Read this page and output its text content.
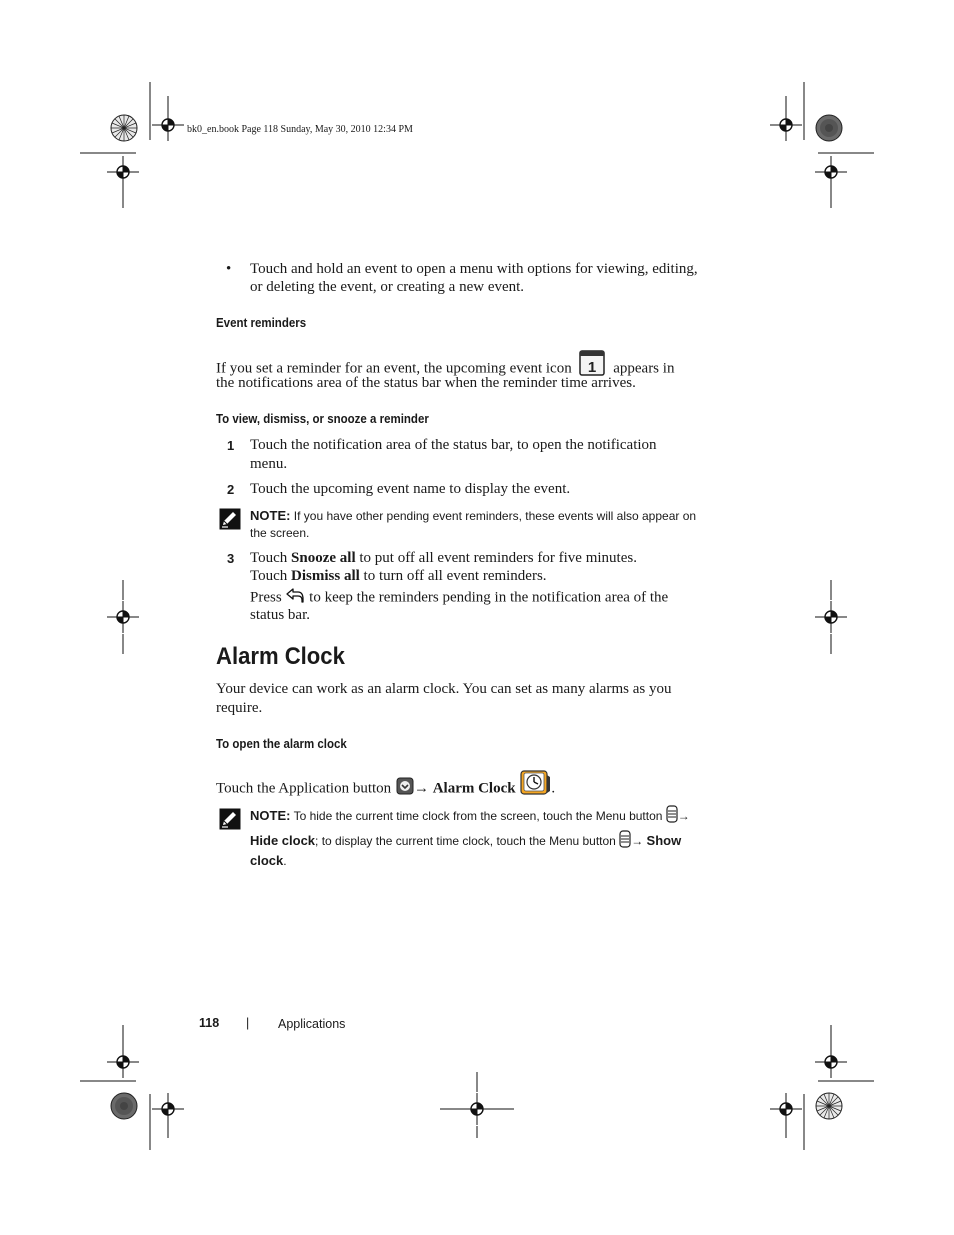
bk0_en.book Page 118 Sunday, May 30, 2010 12:34 PM
• Touch and hold an event to open a menu with options for viewing, editing,
or deleting the event, or creating a new event.
Event reminders
If you set a reminder for an event, the upcoming event icon 1 appears in
the notifications area of the status bar when the reminder time arrives.
To view, dismiss, or snooze a reminder
1 Touch the notification area of the status bar, to open the notification
menu.
2 Touch the upcoming event name to display the event.
NOTE: If you have other pending event reminders, these events will also appear on
the screen.
3 Touch Snooze all to put off all event reminders for five minutes.
Touch Dismiss all to turn off all event reminders.
Press to keep the reminders pending in the notification area of the
status bar.
Alarm Clock
Your device can work as an alarm clock. You can set as many alarms as you
require.
To open the alarm clock
Touch the Application button → Alarm Clock .
NOTE: To hide the current time clock from the screen, touch the Menu button →
Hide clock; to display the current time clock, touch the Menu button → Show
clock.
118 | Applications
